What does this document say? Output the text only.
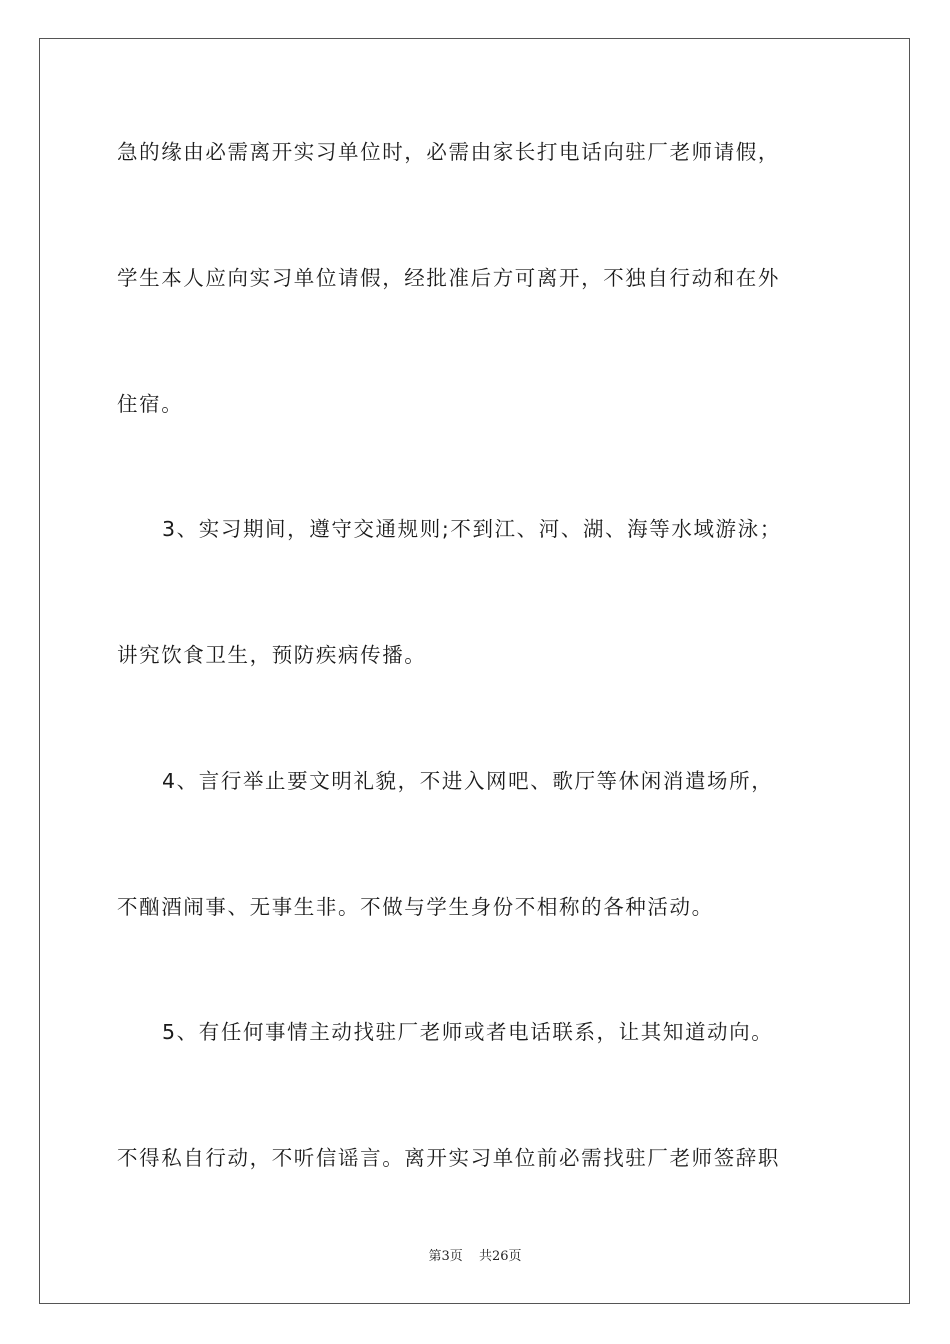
急的缘由必需离开实习单位时，必需由家长打电话向驻厂老师请假，
学生本人应向实习单位请假，经批准后方可离开，不独自行动和在外
住宿。
3、实习期间，遵守交通规则;不到江、河、湖、海等水域游泳；
讲究饮食卫生，预防疾病传播。
4、言行举止要文明礼貌，不进入网吧、歌厅等休闲消遣场所，
不酗酒闹事、无事生非。不做与学生身份不相称的各种活动。
5、有任何事情主动找驻厂老师或者电话联系，让其知道动向。
不得私自行动，不听信谣言。离开实习单位前必需找驻厂老师签辞职
第3页 共26页
